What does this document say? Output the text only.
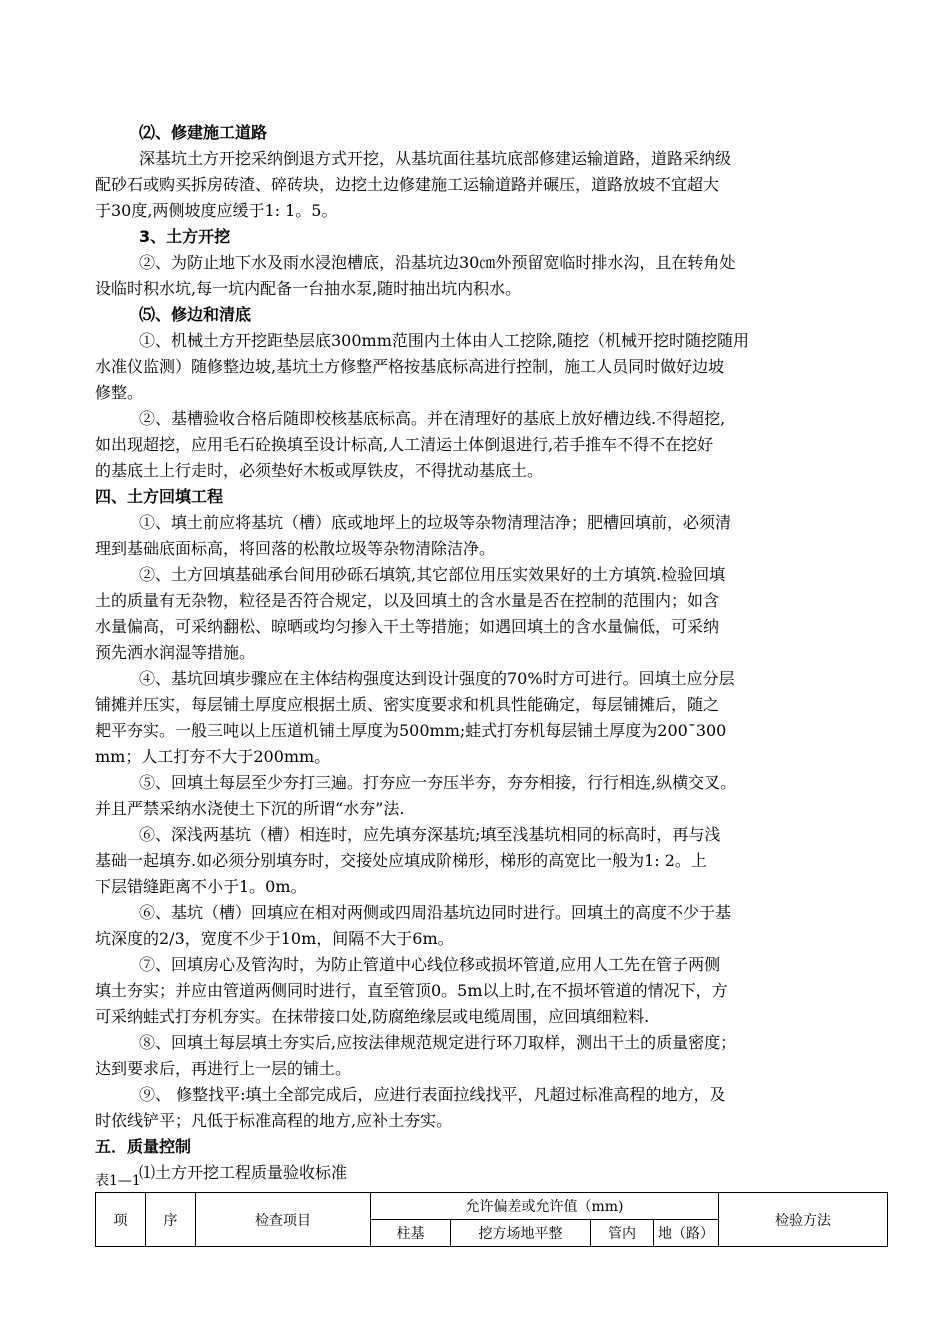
⑵、修建施工道路
深基坑土方开挖采纳倒退方式开挖，从基坑面往基坑底部修建运输道路，道路采纳级
配砂石或购买拆房砖渣、碎砖块，边挖土边修建施工运输道路并碾压，道路放坡不宜超大
于30度,两侧坡度应缓于1: 1。5。
3、土方开挖
②、为防止地下水及雨水浸泡槽底，沿基坑边30㎝外预留宽临时排水沟，且在转角处
设临时积水坑,每一坑内配备一台抽水泵,随时抽出坑内积水。
⑸、修边和清底
①、机械土方开挖距垫层底300mm范围内土体由人工挖除,随挖（机械开挖时随挖随用
水准仪监测）随修整边坡,基坑土方修整严格按基底标高进行控制，施工人员同时做好边坡
修整。
②、基槽验收合格后随即校核基底标高。并在清理好的基底上放好槽边线.不得超挖,
如出现超挖，应用毛石砼换填至设计标高,人工清运土体倒退进行,若手推车不得不在挖好
的基底土上行走时，必须垫好木板或厚铁皮，不得扰动基底土。
四、土方回填工程
①、填土前应将基坑（槽）底或地坪上的垃圾等杂物清理洁净；肥槽回填前，必须清
理到基础底面标高，将回落的松散垃圾等杂物清除洁净。
②、土方回填基础承台间用砂砾石填筑,其它部位用压实效果好的土方填筑.检验回填
土的质量有无杂物，粒径是否符合规定，以及回填土的含水量是否在控制的范围内；如含
水量偏高，可采纳翻松、晾晒或均匀掺入干土等措施；如遇回填土的含水量偏低，可采纳
预先洒水润湿等措施。
④、基坑回填步骤应在主体结构强度达到设计强度的70%时方可进行。回填土应分层
铺摊并压实，每层铺土厚度应根据土质、密实度要求和机具性能确定，每层铺摊后，随之
耙平夯实。一般三吨以上压道机铺土厚度为500mm;蛙式打夯机每层铺土厚度为200¯300
mm；人工打夯不大于200mm。
⑤、回填土每层至少夯打三遍。打夯应一夯压半夯，夯夯相接，行行相连,纵横交叉。
并且严禁采纳水浇使土下沉的所谓“水夯”法.
⑥、深浅两基坑（槽）相连时，应先填夯深基坑;填至浅基坑相同的标高时，再与浅
基础一起填夯.如必须分别填夯时，交接处应填成阶梯形，梯形的高宽比一般为1: 2。上
下层错缝距离不小于1。0m。
⑥、基坑（槽）回填应在相对两侧或四周沿基坑边同时进行。回填土的高度不少于基
坑深度的2/3，宽度不少于10m，间隔不大于6m。
⑦、回填房心及管沟时，为防止管道中心线位移或损坏管道,应用人工先在管子两侧
填土夯实；并应由管道两侧同时进行，直至管顶0。5m以上时,在不损坏管道的情况下，方
可采纳蛙式打夯机夯实。在抹带接口处,防腐绝缘层或电缆周围，应回填细粒料.
⑧、回填土每层填土夯实后,应按法律规范规定进行环刀取样，测出干土的质量密度；
达到要求后，再进行上一层的铺土。
⑨、 修整找平:填土全部完成后，应进行表面拉线找平，凡超过标准高程的地方，及
时依线铲平；凡低于标准高程的地方,应补土夯实。
五．质量控制
⑴土方开挖工程质量验收标准
表1—1
项	序	检查项目	允许偏差或允许值（mm)				检验方法
			柱基	挖方场地平整	管内	地（路）	
